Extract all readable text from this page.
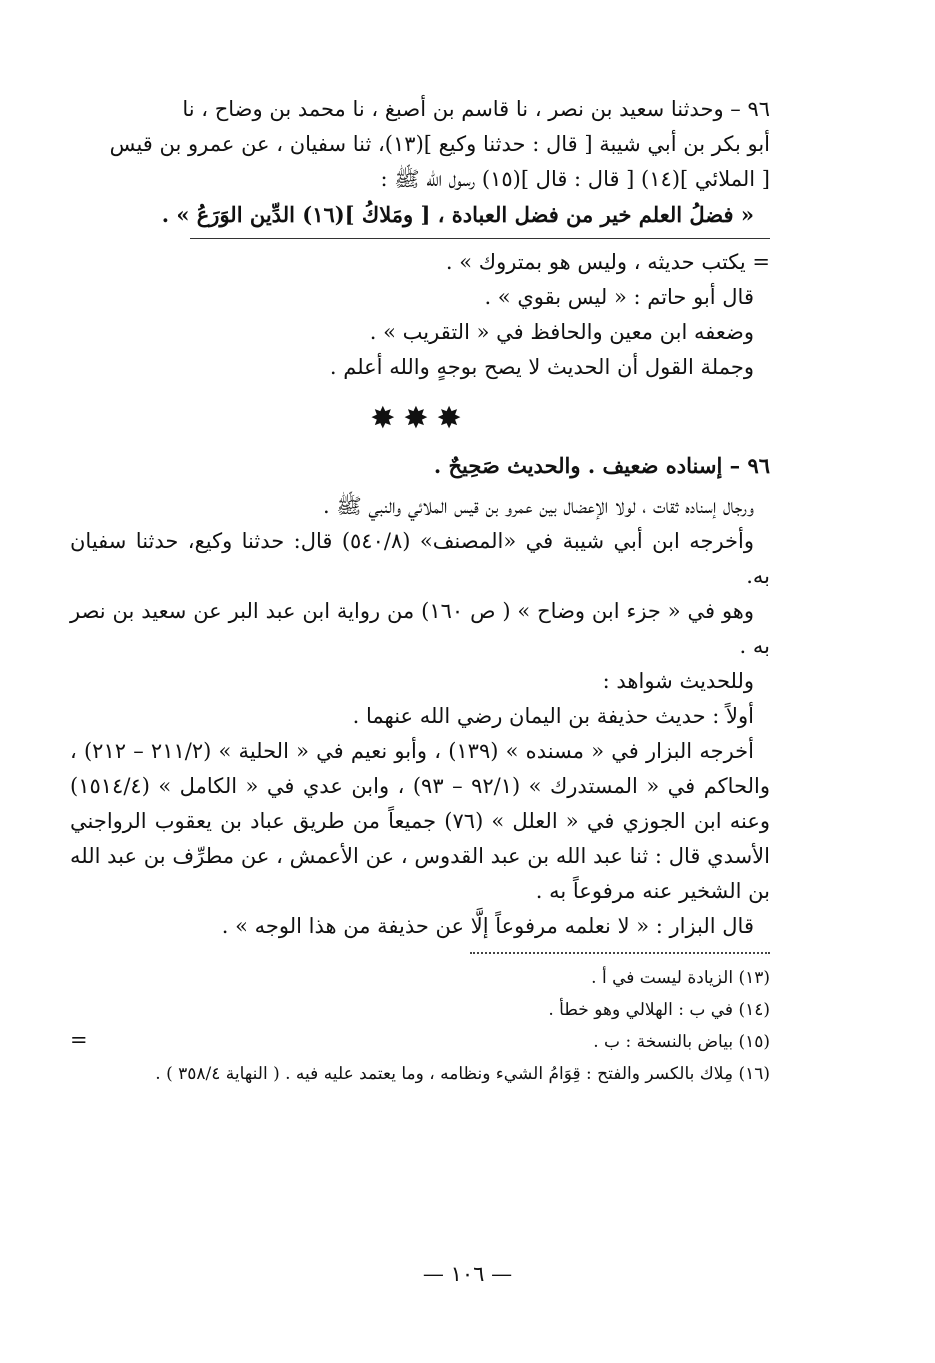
٩٦ – وحدثنا سعيد بن نصر ، نا قاسم بن أصبغ ، نا محمد بن وضاح ، نا

أبو بكر بن أبي شيبة [ قال : حدثنا وكيع ](١٣)، ثنا سفيان ، عن عمرو بن قيس

[ الملائي ](١٤) [ قال : قال ](١٥) رسول الله ﷺ :

« فضلُ العلم خير من فضل العبادة ، [ ومَلاكُ ](١٦) الدِّين الوَرَعُ » .

= يكتب حديثه ، وليس هو بمتروك » .

قال أبو حاتم : « ليس بقوي » .

وضعفه ابن معين والحافظ في « التقريب » .

وجملة القول أن الحديث لا يصح بوجهٍ والله أعلم .

✸✸✸

٩٦ – إسناده ضعيف . والحديث صَحِيحٌ .

ورجال إسناده ثقات ، لولا الإعضال بين عمرو بن قيس الملائي والنبي ﷺ .

وأخرجه ابن أبي شيبة في «المصنف» (٥٤٠/٨) قال: حدثنا وكيع، حدثنا سفيان به.

وهو في « جزء ابن وضاح » ( ص ١٦٠) من رواية ابن عبد البر عن سعيد بن نصر به .

وللحديث شواهد :

أولاً : حديث حذيفة بن اليمان رضي الله عنهما .

أخرجه البزار في « مسنده » (١٣٩) ، وأبو نعيم في « الحلية » (٢١١/٢ – ٢١٢) ، والحاكم في « المستدرك » (٩٢/١ – ٩٣) ، وابن عدي في « الكامل » (١٥١٤/٤) وعنه ابن الجوزي في « العلل » (٧٦) جميعاً من طريق عباد بن يعقوب الرواجني الأسدي قال : ثنا عبد الله بن عبد القدوس ، عن الأعمش ، عن مطرِّف بن عبد الله بن الشخير عنه مرفوعاً به .

قال البزار : « لا نعلمه مرفوعاً إلَّا عن حذيفة من هذا الوجه » .

(١٣) الزيادة ليست في أ .

(١٤) في ب : الهلالي وهو خطأ .

(١٥) بياض بالنسخة : ب .

(١٦) مِلاك بالكسر والفتح : قِوَامُ الشيء ونظامه ، وما يعتمد عليه فيه . ( النهاية ٣٥٨/٤ ) .

=
— ١٠٦ —
